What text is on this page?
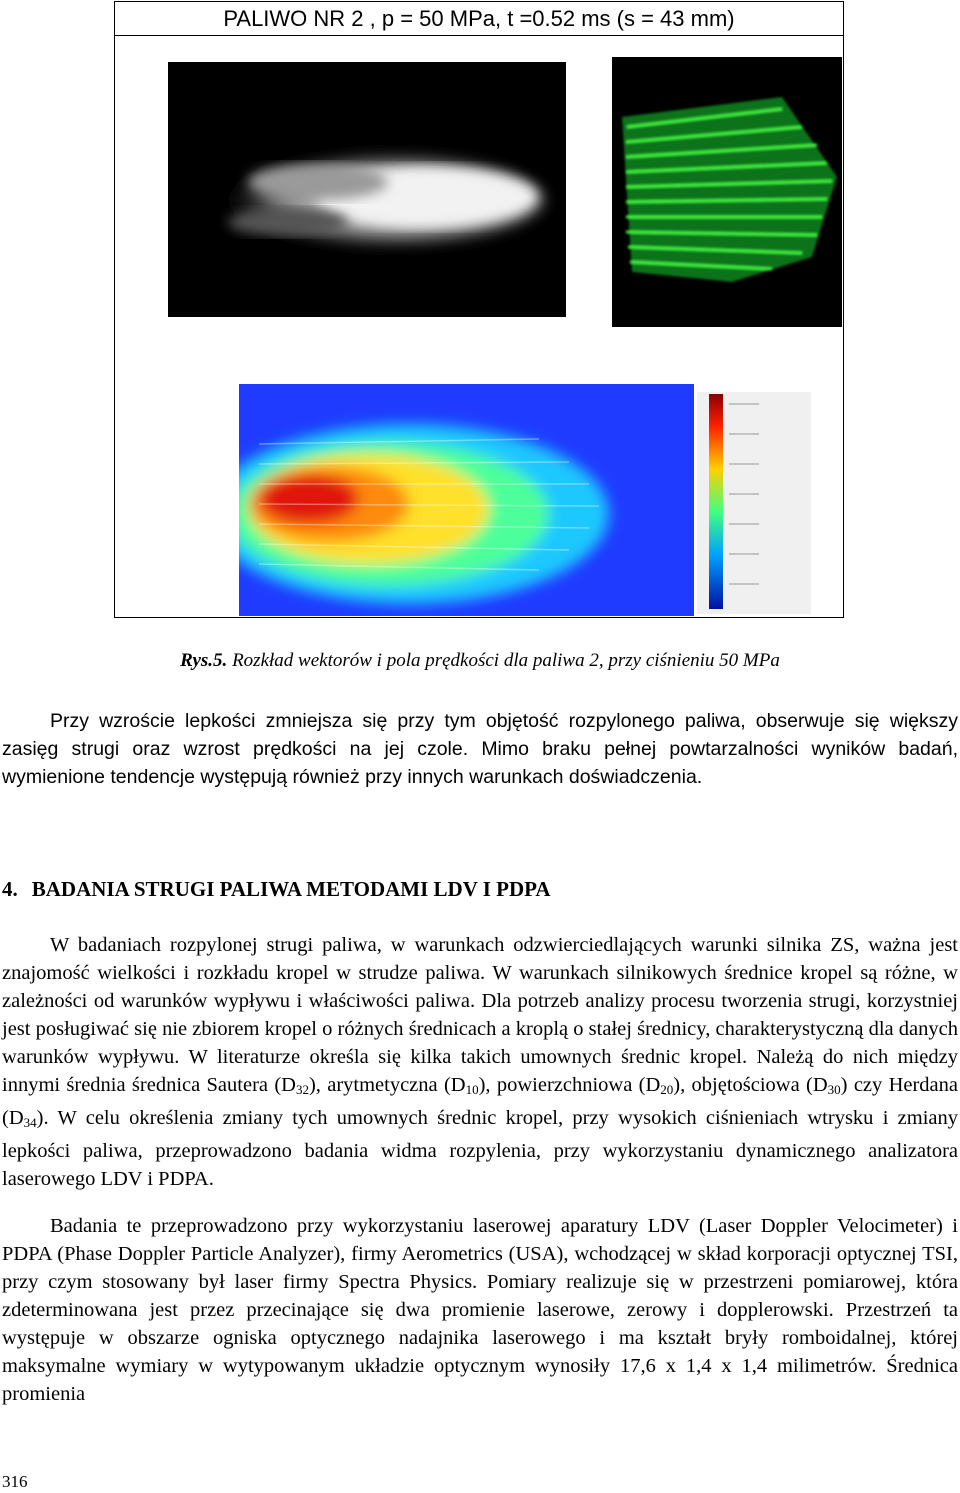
PALIWO NR 2 , p = 50 MPa, t =0.52 ms (s = 43 mm)
Rys.5. Rozkład wektorów i pola prędkości dla paliwa 2, przy ciśnieniu 50 MPa

Przy wzroście lepkości zmniejsza się przy tym objętość rozpylonego paliwa, obserwuje się większy zasięg strugi oraz wzrost prędkości na jej czole. Mimo braku pełnej powtarzalności wyników badań, wymienione tendencje występują również przy innych warunkach doświadczenia.

4. BADANIA STRUGI PALIWA METODAMI LDV I PDPA

W badaniach rozpylonej strugi paliwa, w warunkach odzwierciedlających warunki silnika ZS, ważna jest znajomość wielkości i rozkładu kropel w strudze paliwa. W warunkach silnikowych średnice kropel są różne, w zależności od warunków wypływu i właściwości paliwa. Dla potrzeb analizy procesu tworzenia strugi, korzystniej jest posługiwać się nie zbiorem kropel o różnych średnicach a kroplą o stałej średnicy, charakterystyczną dla danych warunków wypływu. W literaturze określa się kilka takich umownych średnic kropel. Należą do nich między innymi średnia średnica Sautera $(D_{32})$, arytmetyczna $(D_{10})$, powierzchniowa $(D_{20})$, objętościowa $(D_{30})$ czy Herdana $(D_{34})$. W celu określenia zmiany tych umownych średnic kropel, przy wysokich ciśnieniach wtrysku i zmiany lepkości paliwa, przeprowadzono badania widma rozpylenia, przy wykorzystaniu dynamicznego analizatora laserowego LDV i PDPA.

Badania te przeprowadzono przy wykorzystaniu laserowej aparatury LDV (Laser Doppler Velocimeter) i PDPA (Phase Doppler Particle Analyzer), firmy Aerometrics (USA), wchodzącej w skład korporacji optycznej TSI, przy czym stosowany był laser firmy Spectra Physics. Pomiary realizuje się w przestrzeni pomiarowej, która zdeterminowana jest przez przecinające się dwa promienie laserowe, zerowy i dopplerowski. Przestrzeń ta występuje w obszarze ogniska optycznego nadajnika laserowego i ma kształt bryły romboidalnej, której maksymalne wymiary w wytypowanym układzie optycznym wynosiły 17,6 x 1,4 x 1,4 milimetrów. Średnica promienia

316
